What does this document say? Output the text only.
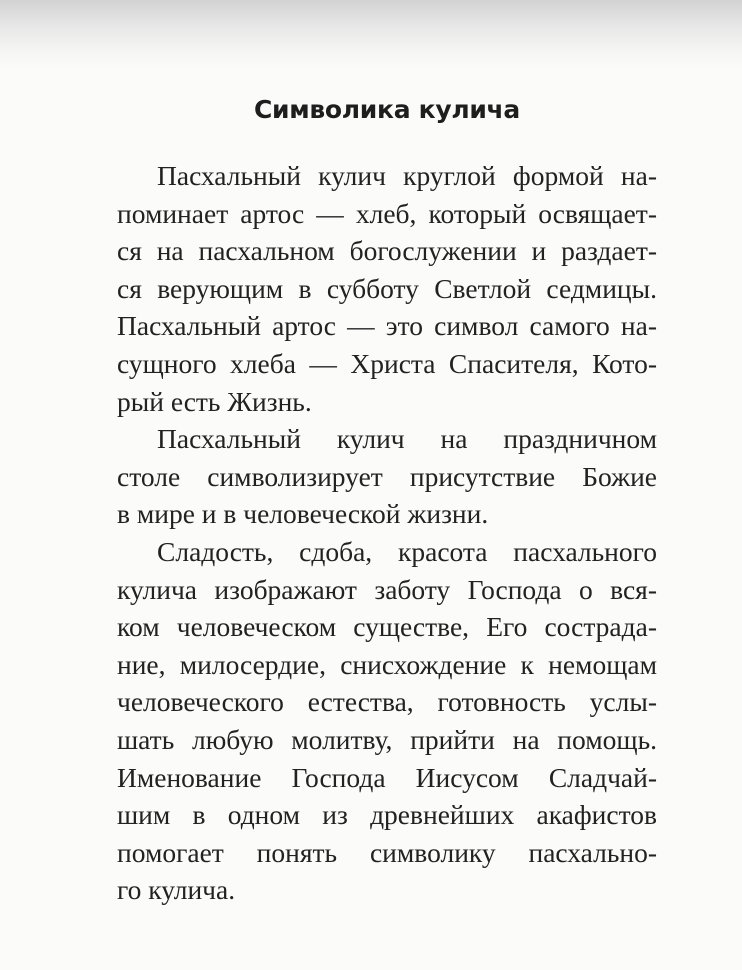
Символика кулича
Пасхальный кулич круглой формой на-
поминает артос — хлеб, который освящает-
ся на пасхальном богослужении и раздает-
ся верующим в субботу Светлой седмицы.
Пасхальный артос — это символ самого на-
сущного хлеба — Христа Спасителя, Кото-
рый есть Жизнь.
Пасхальный кулич на праздничном
столе символизирует присутствие Божие
в мире и в человеческой жизни.
Сладость, сдоба, красота пасхального
кулича изображают заботу Господа о вся-
ком человеческом существе, Его сострада-
ние, милосердие, снисхождение к немощам
человеческого естества, готовность услы-
шать любую молитву, прийти на помощь.
Именование Господа Иисусом Сладчай-
шим в одном из древнейших акафистов
помогает понять символику пасхально-
го кулича.
